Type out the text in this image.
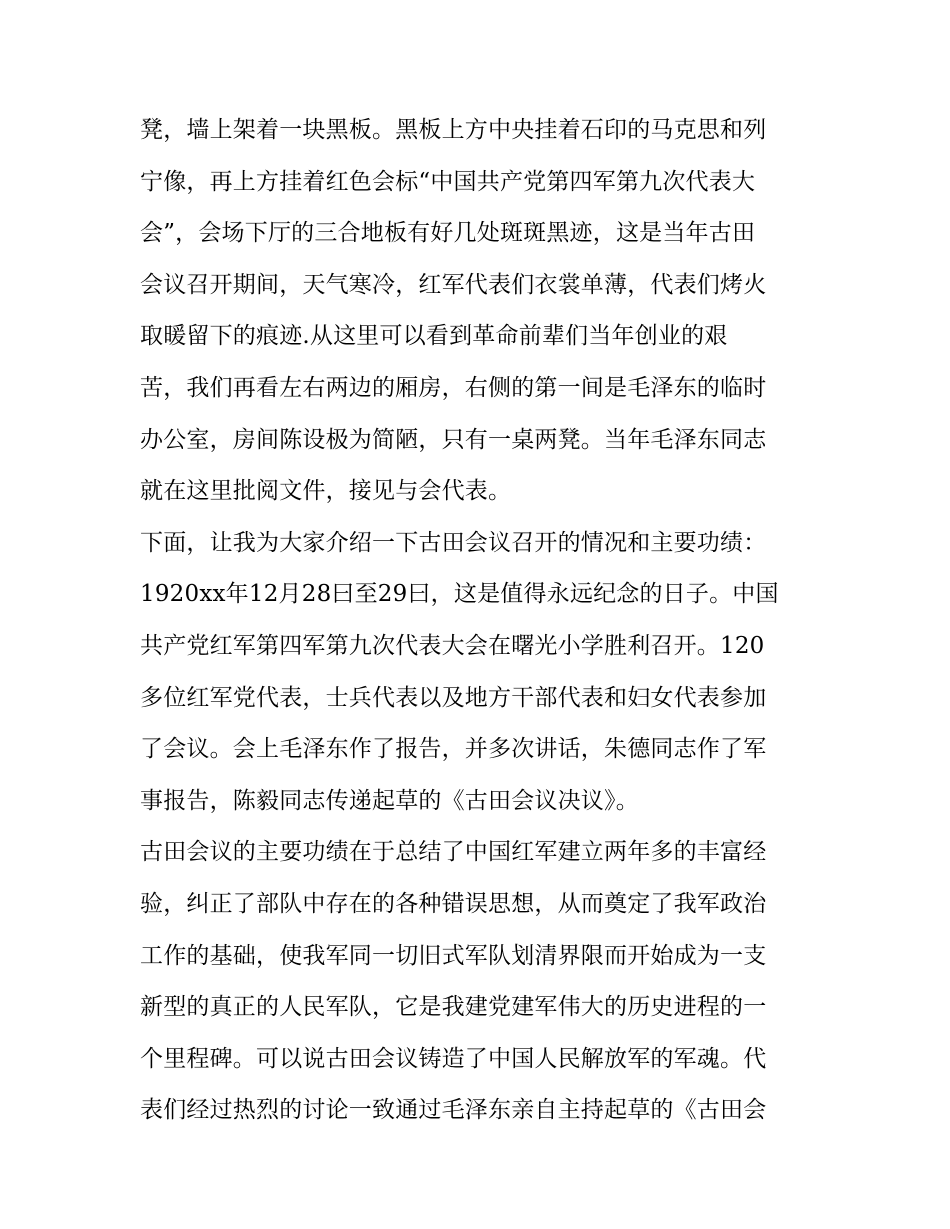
凳，墙上架着一块黑板。黑板上方中央挂着石印的马克思和列
宁像，再上方挂着红色会标“中国共产党第四军第九次代表大
会”，会场下厅的三合地板有好几处斑斑黑迹，这是当年古田
会议召开期间，天气寒冷，红军代表们衣裳单薄，代表们烤火
取暖留下的痕迹.从这里可以看到革命前辈们当年创业的艰
苦，我们再看左右两边的厢房，右侧的第一间是毛泽东的临时
办公室，房间陈设极为简陋，只有一桌两凳。当年毛泽东同志
就在这里批阅文件，接见与会代表。
下面，让我为大家介绍一下古田会议召开的情况和主要功绩：
1920xx年12月28曰至29曰，这是值得永远纪念的日子。中国
共产党红军第四军第九次代表大会在曙光小学胜利召开。120
多位红军党代表，士兵代表以及地方干部代表和妇女代表参加
了会议。会上毛泽东作了报告，并多次讲话，朱德同志作了军
事报告，陈毅同志传递起草的《古田会议决议》。
古田会议的主要功绩在于总结了中国红军建立两年多的丰富经
验，纠正了部队中存在的各种错误思想，从而奠定了我军政治
工作的基础，使我军同一切旧式军队划清界限而开始成为一支
新型的真正的人民军队，它是我建党建军伟大的历史进程的一
个里程碑。可以说古田会议铸造了中国人民解放军的军魂。代
表们经过热烈的讨论一致通过毛泽东亲自主持起草的《古田会
